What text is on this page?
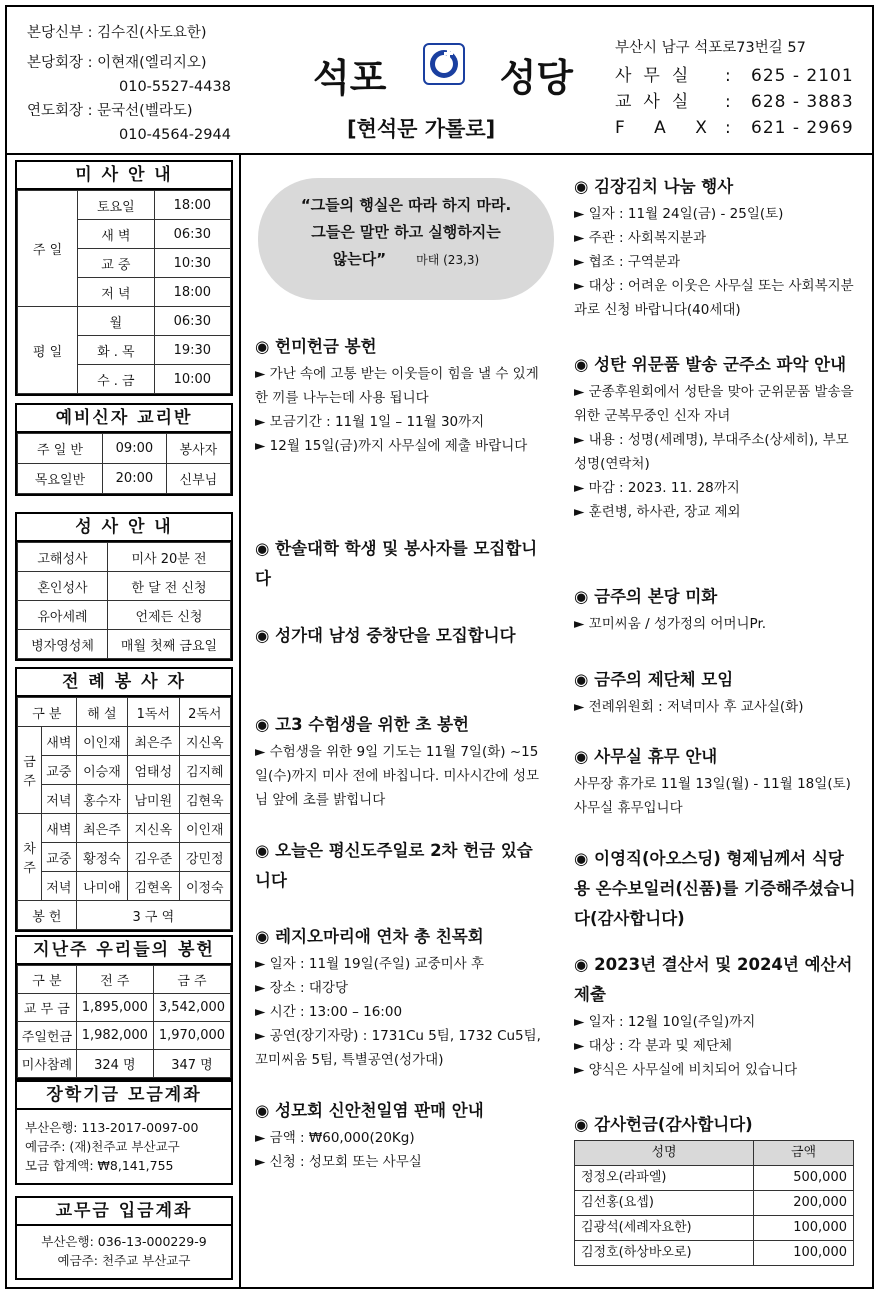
본당신부 : 김수진(사도요한)
본당회장 : 이현재(엘리지오)
010-5527-4438
연도회장 : 문국선(벨라도)
010-4564-2944
석포	성당
[현석문 가롤로]
부산시 남구 석포로73번길 57
사무실 : 625 - 2101
교사실 : 628 - 3883
F A X : 621 - 2969
미 사 안 내
주 일	토요일	18:00
	새 벽	06:30
	교 중	10:30
	저 녁	18:00
평 일	월	06:30
	화 . 목	19:30
	수 . 금	10:00
예비신자 교리반
주 일 반	09:00	봉사자
목요일반	20:00	신부님
성 사 안 내
고해성사	미사 20분 전
혼인성사	한 달 전 신청
유아세례	언제든 신청
병자영성체	매월 첫째 금요일
전 례 봉 사 자
구 분		해 설	1독서	2독서
금주	새벽	이인재	최은주	지신옥
	교중	이승재	엄태성	김지혜
	저녁	홍수자	남미원	김현욱
차주	새벽	최은주	지신옥	이인재
	교중	황정숙	김우준	강민정
	저녁	나미애	김현옥	이정숙
봉 헌		3 구 역		
지난주 우리들의 봉헌
구 분	전 주	금 주
교 무 금	1,895,000	3,542,000
주일헌금	1,982,000	1,970,000
미사참례	324 명	347 명
장학기금 모금계좌
부산은행: 113-2017-0097-00
예금주: (재)천주교 부산교구
모금 합계액: ₩8,141,755
교무금 입금계좌
부산은행: 036-13-000229-9
예금주: 천주교 부산교구
“그들의 행실은 따라 하지 마라.
그들은 말만 하고 실행하지는
않는다”	마태 (23,3)
◉ 헌미헌금 봉헌
► 가난 속에 고통 받는 이웃들이 힘을 낼 수 있게 한 끼를 나누는데 사용 됩니다
► 모금기간 : 11월 1일 – 11월 30까지
► 12월 15일(금)까지 사무실에 제출 바랍니다
◉ 한솔대학 학생 및 봉사자를 모집합니다
◉ 성가대 남성 중창단을 모집합니다
◉ 고3 수험생을 위한 초 봉헌
► 수험생을 위한 9일 기도는 11월 7일(화) ~15일(수)까지 미사 전에 바칩니다. 미사시간에 성모님 앞에 초를 밝힙니다
◉ 오늘은 평신도주일로 2차 헌금 있습니다
◉ 레지오마리애 연차 총 친목회
► 일자 : 11월 19일(주일) 교중미사 후
► 장소 : 대강당
► 시간 : 13:00 – 16:00
► 공연(장기자랑) : 1731Cu 5팀, 1732 Cu5팀, 꼬미씨움 5팀, 특별공연(성가대)
◉ 성모회 신안천일염 판매 안내
► 금액 : ₩60,000(20Kg)
► 신청 : 성모회 또는 사무실
◉ 김장김치 나눔 행사
► 일자 : 11월 24일(금) - 25일(토)
► 주관 : 사회복지분과
► 협조 : 구역분과
► 대상 : 어려운 이웃은 사무실 또는 사회복지분과로 신청 바랍니다(40세대)
◉ 성탄 위문품 발송 군주소 파악 안내
► 군종후원회에서 성탄을 맞아 군위문품 발송을 위한 군복무중인 신자 자녀
► 내용 : 성명(세례명), 부대주소(상세히), 부모성명(연락처)
► 마감 : 2023. 11. 28까지
► 훈련병, 하사관, 장교 제외
◉ 금주의 본당 미화
► 꼬미씨움 / 성가정의 어머니Pr.
◉ 금주의 제단체 모임
► 전례위원회 : 저녁미사 후 교사실(화)
◉ 사무실 휴무 안내
사무장 휴가로 11월 13일(월) - 11월 18일(토) 사무실 휴무입니다
◉ 이영직(아오스딩) 형제님께서 식당용 온수보일러(신품)를 기증해주셨습니다(감사합니다)
◉ 2023년 결산서 및 2024년 예산서 제출
► 일자 : 12월 10일(주일)까지
► 대상 : 각 분과 및 제단체
► 양식은 사무실에 비치되어 있습니다
◉ 감사헌금(감사합니다)
성명	금액
정정오(라파엘)	500,000
김선홍(요셉)	200,000
김광석(세례자요한)	100,000
김정호(하상바오로)	100,000
